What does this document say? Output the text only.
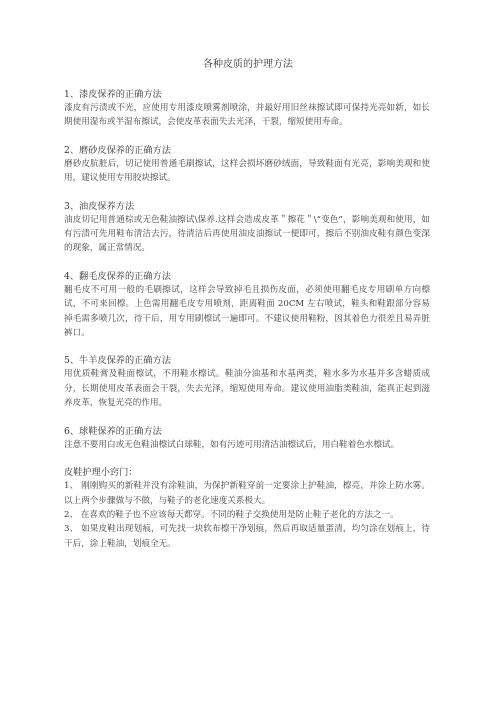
各种皮质的护理方法
1、漆皮保养的正确方法
漆皮有污渍或不光，应使用专用漆皮喷雾剂喷涂，并最好用旧丝袜擦试即可保持光亮如新，如长期使用湿布或半湿布擦试，会使皮革表面失去光泽，干裂，缩短使用寿命。
2、磨砂皮保养的正确方法
磨砂皮肮脏后，切记使用普通毛刷擦试，这样会损坏磨砂绒面，导致鞋面有光亮，影响美观和使用，建议使用专用胶块擦试。
3、油皮保养方法
油皮切记用普通棕或无色鞋油擦试\保养.这样会造成皮革＂擦花＂\“变色”，影响美观和使用，如有污渍可先用鞋布清洁去污，待清洁后再使用油皮油擦试一便即可，擦后不别油皮鞋有颜色变深的现象，属正常情况。
4、翻毛皮保养的正确方法
翻毛皮不可用一般的毛刷擦试，这样会导致掉毛且损伤皮面，必须使用翻毛皮专用刷单方向檫试，不可来回檫。上色需用翻毛皮专用喷剂，距离鞋面 20CM 左右喷试，鞋头和鞋跟部分容易掉毛需多喷几次，待干后，用专用刷檫试一遍即可。不建议使用鞋粉，因其着色力很差且易弄脏裤口。
5、牛羊皮保养的正确方法
用优质鞋膏及鞋面檫试，不用鞋水檫试。鞋油分油基和水基两类，鞋水多为水基并多含蜡质成分，长期使用皮革表面会干裂，失去光泽，缩短使用寿命。建议使用油脂类鞋油，能真正起到滋养皮革，恢复光亮的作用。
6、球鞋保养的正确方法
注意不要用白或无色鞋油檫试白球鞋，如有污迹可用清洁油檫试后，用白鞋着色水檫试。
皮鞋护理小窍门：

1、 刚刚购买的新鞋并没有涂鞋油，为保护新鞋穿前一定要涂上护鞋油，檫亮，并涂上防水雾。以上两个步骤做与不做，与鞋子的老化速度关系极大。

2、 在喜欢的鞋子也不应该每天都穿。不同的鞋子交换使用是防止鞋子老化的方法之一。

3、 如果皮鞋出现划痕，可先找一块软布檫干净划痕，然后再取适量蛋清，均匀涂在划痕上，待干后，涂上鞋油，划痕全无。
